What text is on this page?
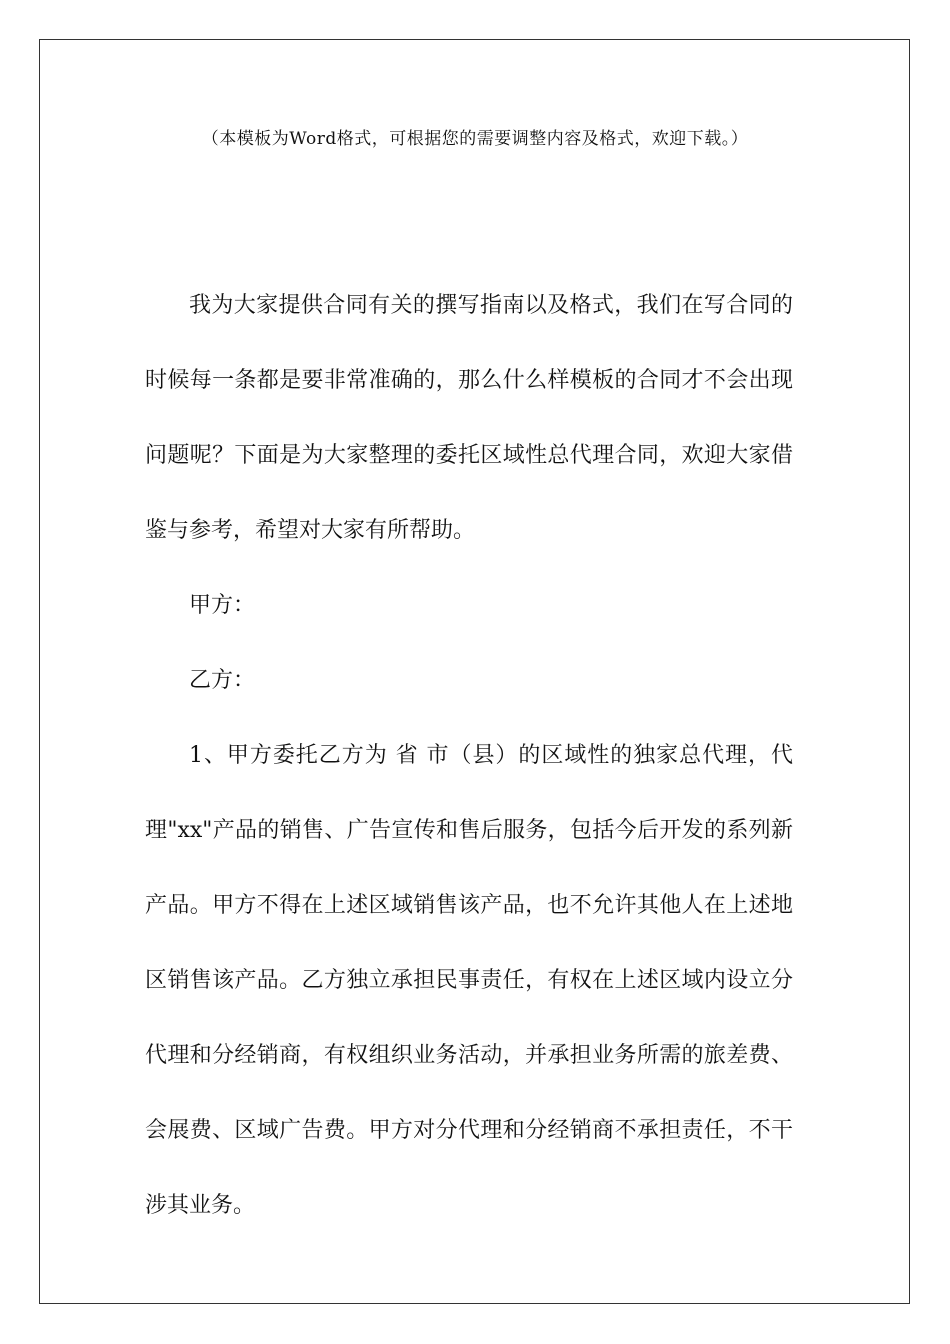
（本模板为Word格式，可根据您的需要调整内容及格式，欢迎下载。）

我为大家提供合同有关的撰写指南以及格式，我们在写合同的时候每一条都是要非常准确的，那么什么样模板的合同才不会出现问题呢？下面是为大家整理的委托区域性总代理合同，欢迎大家借鉴与参考，希望对大家有所帮助。

甲方：

乙方：

1、甲方委托乙方为 省 市（县）的区域性的独家总代理，代理"xx"产品的销售、广告宣传和售后服务，包括今后开发的系列新产品。甲方不得在上述区域销售该产品，也不允许其他人在上述地区销售该产品。乙方独立承担民事责任，有权在上述区域内设立分代理和分经销商，有权组织业务活动，并承担业务所需的旅差费、会展费、区域广告费。甲方对分代理和分经销商不承担责任，不干涉其业务。
